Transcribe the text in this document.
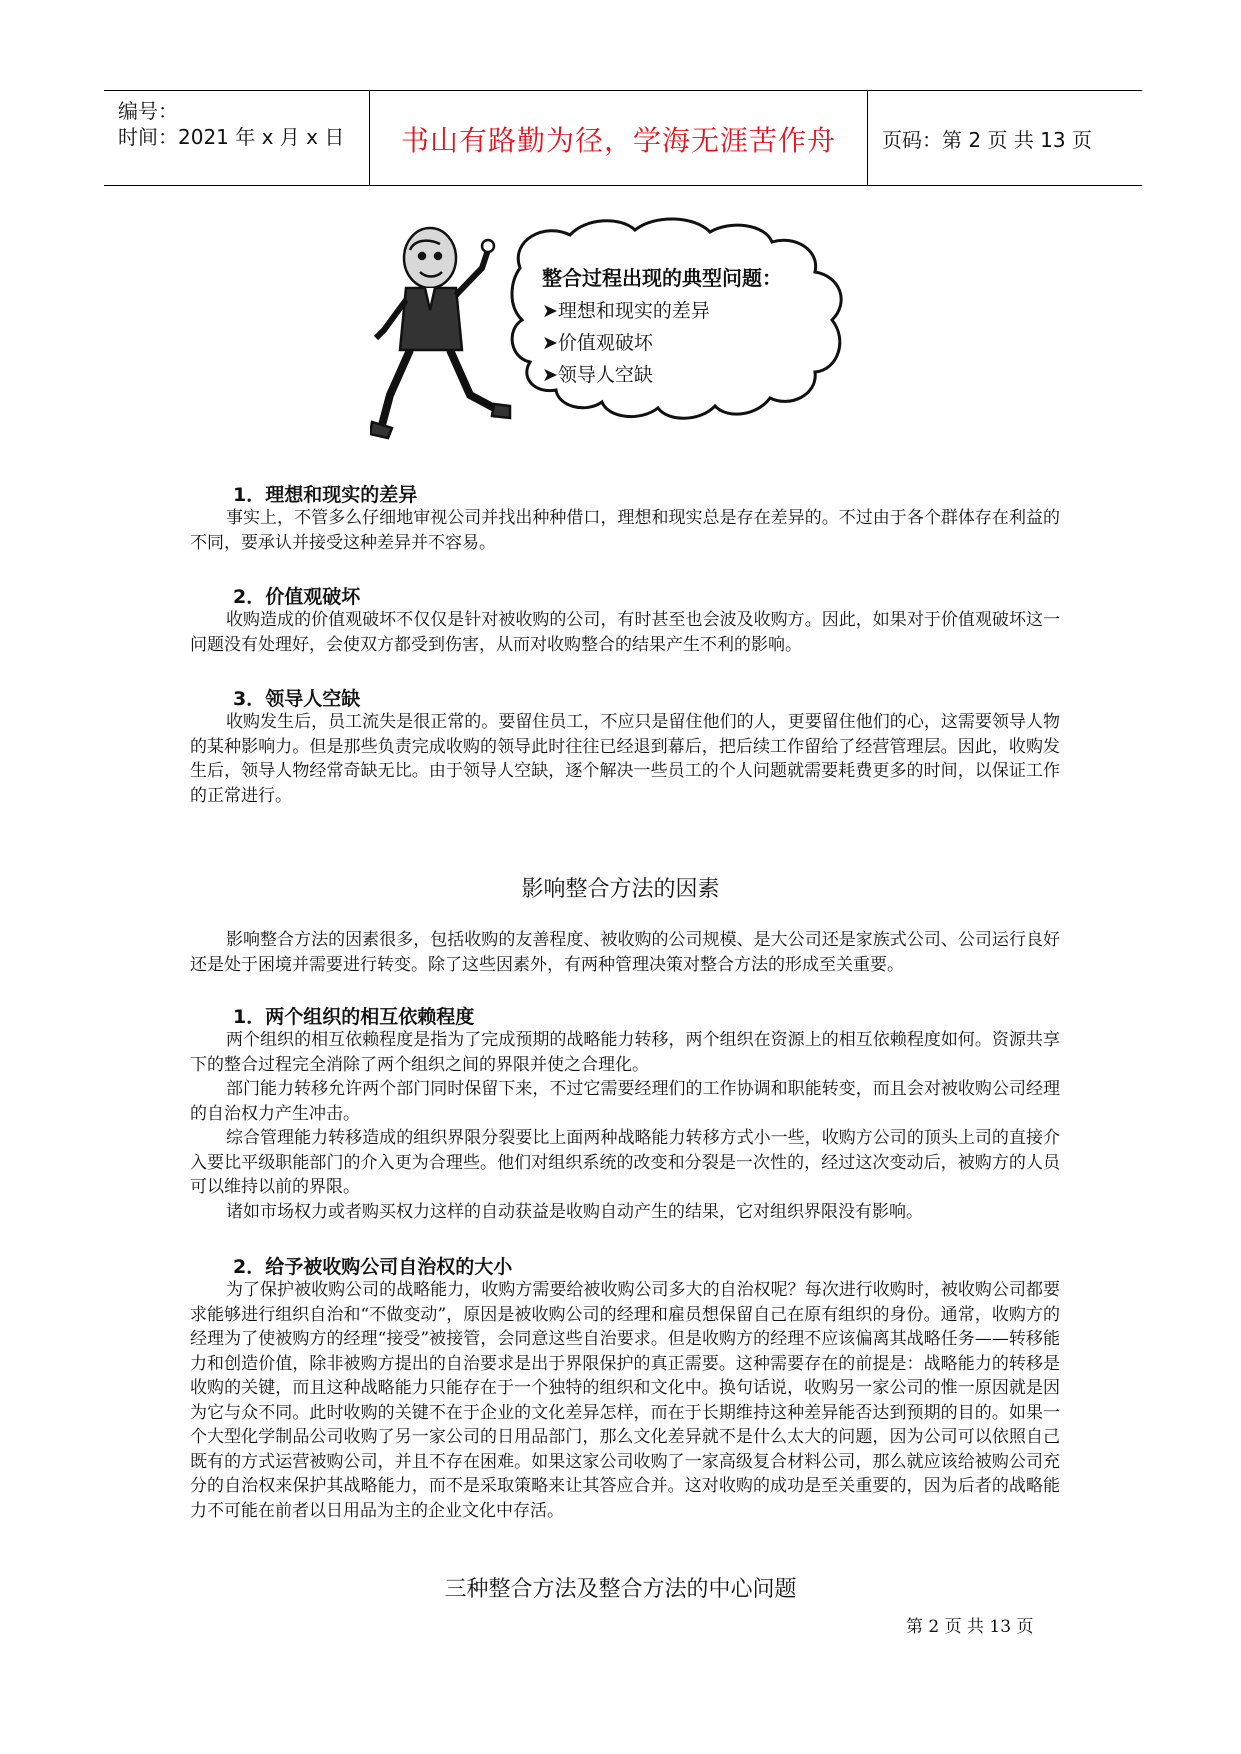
编号：
时间：2021 年 x 月 x 日	书山有路勤为径，学海无涯苦作舟	页码：第 2 页 共 13 页
整合过程出现的典型问题：
➤理想和现实的差异
➤价值观破坏
➤领导人空缺
1．理想和现实的差异

事实上，不管多么仔细地审视公司并找出种种借口，理想和现实总是存在差异的。不过由于各个群体存在利益的不同，要承认并接受这种差异并不容易。

2．价值观破坏

收购造成的价值观破坏不仅仅是针对被收购的公司，有时甚至也会波及收购方。因此，如果对于价值观破坏这一问题没有处理好，会使双方都受到伤害，从而对收购整合的结果产生不利的影响。

3．领导人空缺

收购发生后，员工流失是很正常的。要留住员工，不应只是留住他们的人，更要留住他们的心，这需要领导人物的某种影响力。但是那些负责完成收购的领导此时往往已经退到幕后，把后续工作留给了经营管理层。因此，收购发生后，领导人物经常奇缺无比。由于领导人空缺，逐个解决一些员工的个人问题就需要耗费更多的时间，以保证工作的正常进行。

影响整合方法的因素

影响整合方法的因素很多，包括收购的友善程度、被收购的公司规模、是大公司还是家族式公司、公司运行良好还是处于困境并需要进行转变。除了这些因素外，有两种管理决策对整合方法的形成至关重要。

1．两个组织的相互依赖程度

两个组织的相互依赖程度是指为了完成预期的战略能力转移，两个组织在资源上的相互依赖程度如何。资源共享下的整合过程完全消除了两个组织之间的界限并使之合理化。

部门能力转移允许两个部门同时保留下来，不过它需要经理们的工作协调和职能转变，而且会对被收购公司经理的自治权力产生冲击。

综合管理能力转移造成的组织界限分裂要比上面两种战略能力转移方式小一些，收购方公司的顶头上司的直接介入要比平级职能部门的介入更为合理些。他们对组织系统的改变和分裂是一次性的，经过这次变动后，被购方的人员可以维持以前的界限。

诸如市场权力或者购买权力这样的自动获益是收购自动产生的结果，它对组织界限没有影响。

2．给予被收购公司自治权的大小

为了保护被收购公司的战略能力，收购方需要给被收购公司多大的自治权呢？每次进行收购时，被收购公司都要求能够进行组织自治和“不做变动”，原因是被收购公司的经理和雇员想保留自己在原有组织的身份。通常，收购方的经理为了使被购方的经理“接受”被接管，会同意这些自治要求。但是收购方的经理不应该偏离其战略任务——转移能力和创造价值，除非被购方提出的自治要求是出于界限保护的真正需要。这种需要存在的前提是：战略能力的转移是收购的关键，而且这种战略能力只能存在于一个独特的组织和文化中。换句话说，收购另一家公司的惟一原因就是因为它与众不同。此时收购的关键不在于企业的文化差异怎样，而在于长期维持这种差异能否达到预期的目的。如果一个大型化学制品公司收购了另一家公司的日用品部门，那么文化差异就不是什么太大的问题，因为公司可以依照自己既有的方式运营被购公司，并且不存在困难。如果这家公司收购了一家高级复合材料公司，那么就应该给被购公司充分的自治权来保护其战略能力，而不是采取策略来让其答应合并。这对收购的成功是至关重要的，因为后者的战略能力不可能在前者以日用品为主的企业文化中存活。

三种整合方法及整合方法的中心问题
第 2 页 共 13 页
